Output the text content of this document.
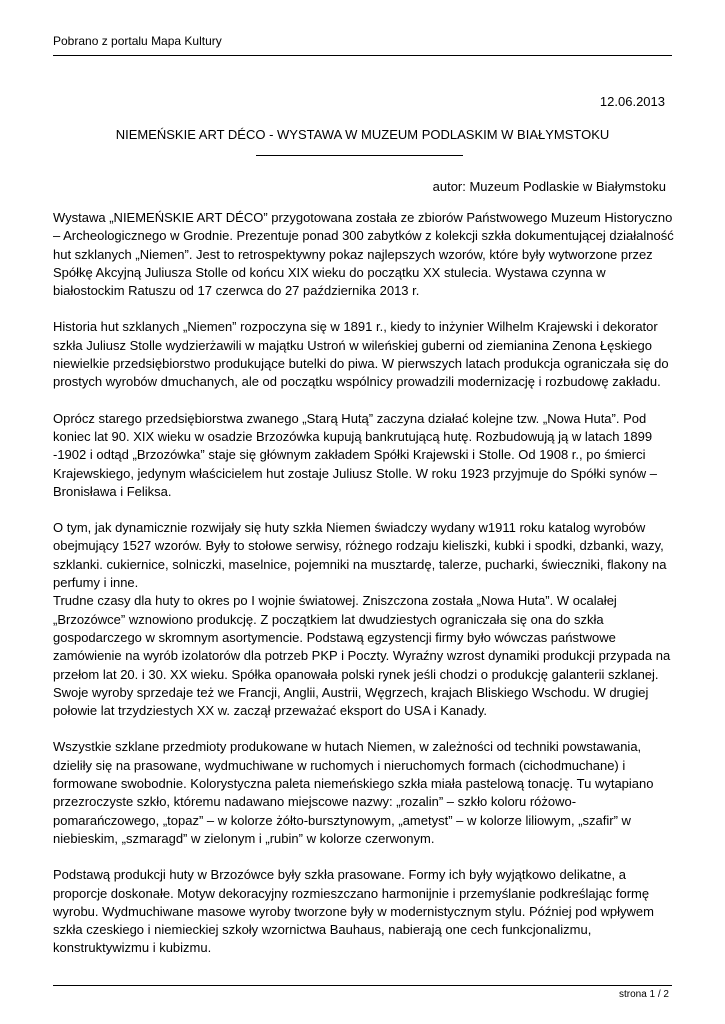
Pobrano z portalu Mapa Kultury
12.06.2013
NIEMEŃSKIE ART DÉCO - WYSTAWA W MUZEUM PODLASKIM W BIAŁYMSTOKU
autor: Muzeum Podlaskie w Białymstoku

Wystawa „NIEMEŃSKIE ART DÉCO” przygotowana została ze zbiorów Państwowego Muzeum Historyczno – Archeologicznego w Grodnie. Prezentuje ponad 300 zabytków z kolekcji szkła dokumentującej działalność hut szklanych „Niemen”. Jest to retrospektywny pokaz najlepszych wzorów, które były wytworzone przez Spółkę Akcyjną Juliusza Stolle od końcu XIX wieku do początku XX stulecia. Wystawa czynna w białostockim Ratuszu od 17 czerwca do 27 października 2013 r.

Historia hut szklanych „Niemen” rozpoczyna się w 1891 r., kiedy to inżynier Wilhelm Krajewski i dekorator szkła Juliusz Stolle wydzierżawili w majątku Ustroń w wileńskiej guberni od ziemianina Zenona Łęskiego niewielkie przedsiębiorstwo produkujące butelki do piwa. W pierwszych latach produkcja ograniczała się do prostych wyrobów dmuchanych, ale od początku wspólnicy prowadzili modernizację i rozbudowę zakładu.

Oprócz starego przedsiębiorstwa zwanego „Starą Hutą” zaczyna działać kolejne tzw. „Nowa Huta”. Pod koniec lat 90. XIX wieku w osadzie Brzozówka kupują bankrutującą hutę. Rozbudowują ją w latach 1899 -1902 i odtąd „Brzozówka” staje się głównym zakładem Spółki Krajewski i Stolle. Od 1908 r., po śmierci Krajewskiego, jedynym właścicielem hut zostaje Juliusz Stolle. W roku 1923 przyjmuje do Spółki synów – Bronisława i Feliksa.

O tym, jak dynamicznie rozwijały się huty szkła Niemen świadczy wydany w1911 roku katalog wyrobów obejmujący 1527 wzorów. Były to stołowe serwisy, różnego rodzaju kieliszki, kubki i spodki, dzbanki, wazy, szklanki. cukiernice, solniczki, maselnice, pojemniki na musztardę, talerze, pucharki, świeczniki, flakony na perfumy i inne.

Trudne czasy dla huty to okres po I wojnie światowej. Zniszczona została „Nowa Huta”. W ocalałej „Brzozówce” wznowiono produkcję. Z początkiem lat dwudziestych ograniczała się ona do szkła gospodarczego w skromnym asortymencie. Podstawą egzystencji firmy było wówczas państwowe zamówienie na wyrób izolatorów dla potrzeb PKP i Poczty. Wyraźny wzrost dynamiki produkcji przypada na przełom lat 20. i 30. XX wieku. Spółka opanowała polski rynek jeśli chodzi o produkcję galanterii szklanej. Swoje wyroby sprzedaje też we Francji, Anglii, Austrii, Węgrzech, krajach Bliskiego Wschodu. W drugiej połowie lat trzydziestych XX w. zaczął przeważać eksport do USA i Kanady.

Wszystkie szklane przedmioty produkowane w hutach Niemen, w zależności od techniki powstawania, dzieliły się na prasowane, wydmuchiwane w ruchomych i nieruchomych formach (cichodmuchane) i formowane swobodnie. Kolorystyczna paleta niemeńskiego szkła miała pastelową tonację. Tu wytapiano przezroczyste szkło, któremu nadawano miejscowe nazwy: „rozalin” – szkło koloru różowo-pomarańczowego, „topaz” – w kolorze żółto-bursztynowym, „ametyst” – w kolorze liliowym, „szafir” w niebieskim, „szmaragd” w zielonym i „rubin” w kolorze czerwonym.

Podstawą produkcji huty w Brzozówce były szkła prasowane. Formy ich były wyjątkowo delikatne, a proporcje doskonałe. Motyw dekoracyjny rozmieszczano harmonijnie i przemyślanie podkreślając formę wyrobu. Wydmuchiwane masowe wyroby tworzone były w modernistycznym stylu. Później pod wpływem szkła czeskiego i niemieckiej szkoły wzornictwa Bauhaus, nabierają one cech funkcjonalizmu, konstruktywizmu i kubizmu.

strona 1 / 2
